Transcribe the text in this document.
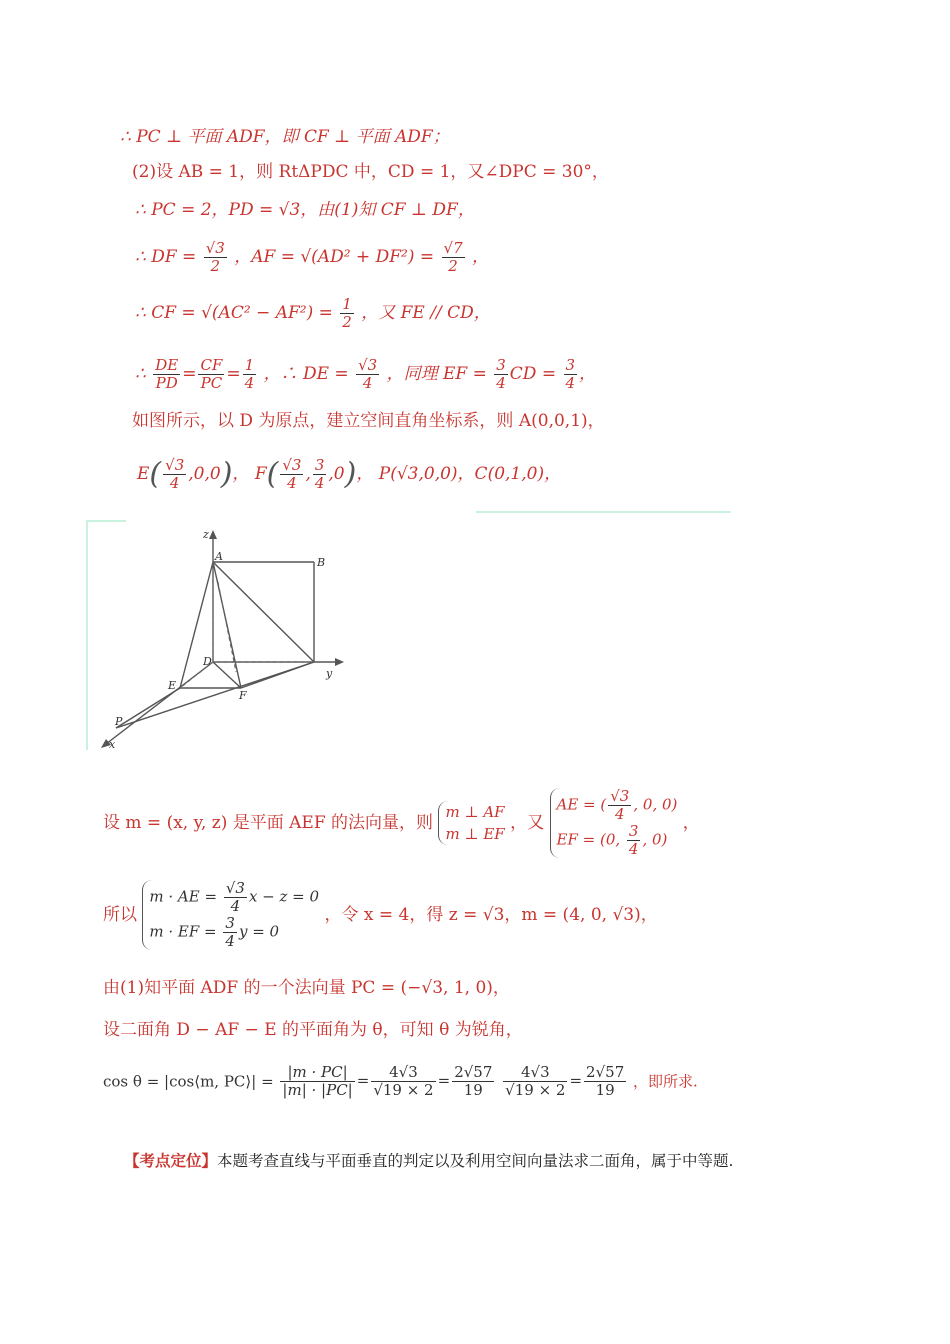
∴ PC ⊥ 平面 ADF，即 CF ⊥ 平面 ADF；
(2)设 AB = 1，则 RtΔPDC 中，CD = 1，又∠DPC = 30°，
∴ PC = 2，PD = √3，由(1)知 CF ⊥ DF，
∴ DF = $\frac{√3}{2}$ ，AF = $√(AD^2 + DF^2) = \frac{√7}{2}$ ，
∴ CF = $√(AC^2 - AF^2) = \frac{1}{2}$ ，又 FE // CD，
∴ $\frac{DE}{PD} = \frac{CF}{PC} = \frac{1}{4}$ ，∴ DE = $\frac{√3}{4}$ ，同理 EF = $\frac{3}{4}$ CD = $\frac{3}{4}$ ，
如图所示，以 D 为原点，建立空间直角坐标系，则 A(0,0,1)，
$E( \frac{√3}{4} ,0,0)$， $F( \frac{√3}{4}$ , $\frac{3}{4} ,0$)， P(√3,0,0)，C(0,1,0)，
z
A	B
D
y
E
F
P
x
设 m = (x, y, z) 是平面 AEF 的法向量，则
m ⊥ AF
m ⊥ EF
，又
AE = ( $\frac{√3}{4}$ , 0, 0)
EF = (0, $\frac{3}{4}$ , 0)
，
所以
m · AE = $\frac{√3}{4}$ x − z = 0
m · EF = $\frac{3}{4}$ y = 0
，令 x = 4，得 z = √3，m = (4, 0, √3)，
由(1)知平面 ADF 的一个法向量 PC = (−√3, 1, 0)，
设二面角 D − AF − E 的平面角为 θ，可知 θ 为锐角，
cos θ = |cos⟨m, PC⟩| = $\frac{|m \cdot PC|}{|m| \cdot |PC|} = \frac{4√3}{√19 \times 2} = \frac{2√57}{19}$
$\frac{4√3}{√19 \times 2} = \frac{2√57}{19}$ ，即所求.
【考点定位】本题考查直线与平面垂直的判定以及利用空间向量法求二面角，属于中等题.
